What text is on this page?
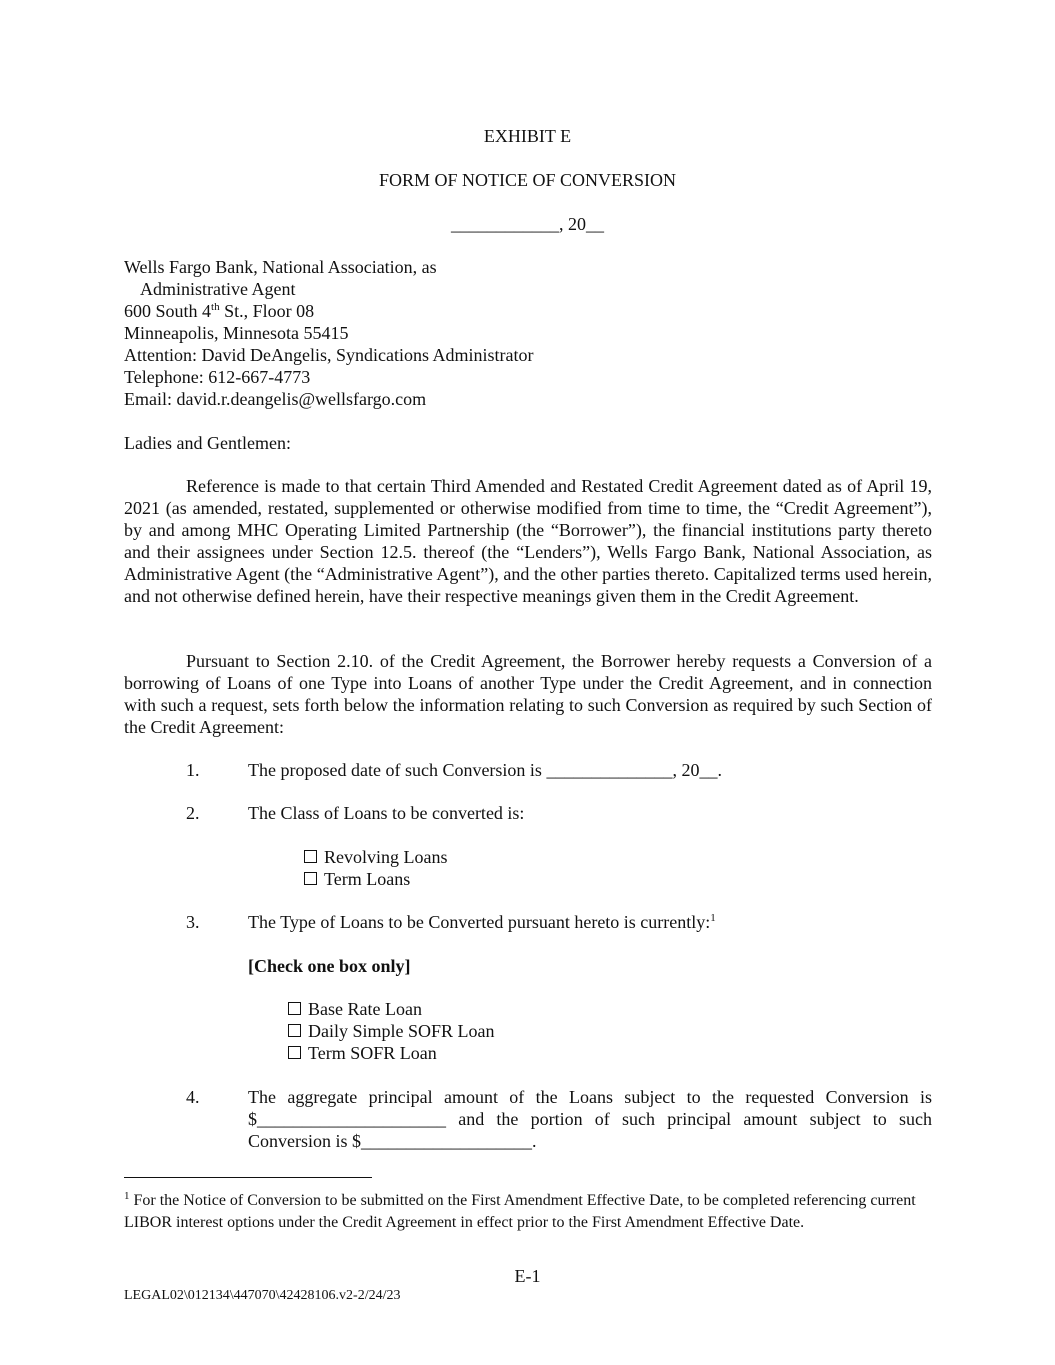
EXHIBIT E
FORM OF NOTICE OF CONVERSION
____________, 20__
Wells Fargo Bank, National Association, as
Administrative Agent
600 South 4th St., Floor 08
Minneapolis, Minnesota 55415
Attention: David DeAngelis, Syndications Administrator
Telephone: 612-667-4773
Email: david.r.deangelis@wellsfargo.com
Ladies and Gentlemen:
Reference is made to that certain Third Amended and Restated Credit Agreement dated as of April 19, 2021 (as amended, restated, supplemented or otherwise modified from time to time, the “Credit Agreement”), by and among MHC Operating Limited Partnership (the “Borrower”), the financial institutions party thereto and their assignees under Section 12.5. thereof (the “Lenders”), Wells Fargo Bank, National Association, as Administrative Agent (the “Administrative Agent”), and the other parties thereto. Capitalized terms used herein, and not otherwise defined herein, have their respective meanings given them in the Credit Agreement.
Pursuant to Section 2.10. of the Credit Agreement, the Borrower hereby requests a Conversion of a borrowing of Loans of one Type into Loans of another Type under the Credit Agreement, and in connection with such a request, sets forth below the information relating to such Conversion as required by such Section of the Credit Agreement:
1.	The proposed date of such Conversion is ______________, 20__.
2.	The Class of Loans to be converted is:
Revolving Loans
Term Loans
3.	The Type of Loans to be Converted pursuant hereto is currently:$^1$
[Check one box only]
Base Rate Loan
Daily Simple SOFR Loan
Term SOFR Loan
4.	The aggregate principal amount of the Loans subject to the requested Conversion is
$_____________________ and the portion of such principal amount subject to such
Conversion is $___________________.
$^1$ For the Notice of Conversion to be submitted on the First Amendment Effective Date, to be completed referencing current LIBOR interest options under the Credit Agreement in effect prior to the First Amendment Effective Date.
E-1
LEGAL02\012134\447070\42428106.v2-2/24/23
